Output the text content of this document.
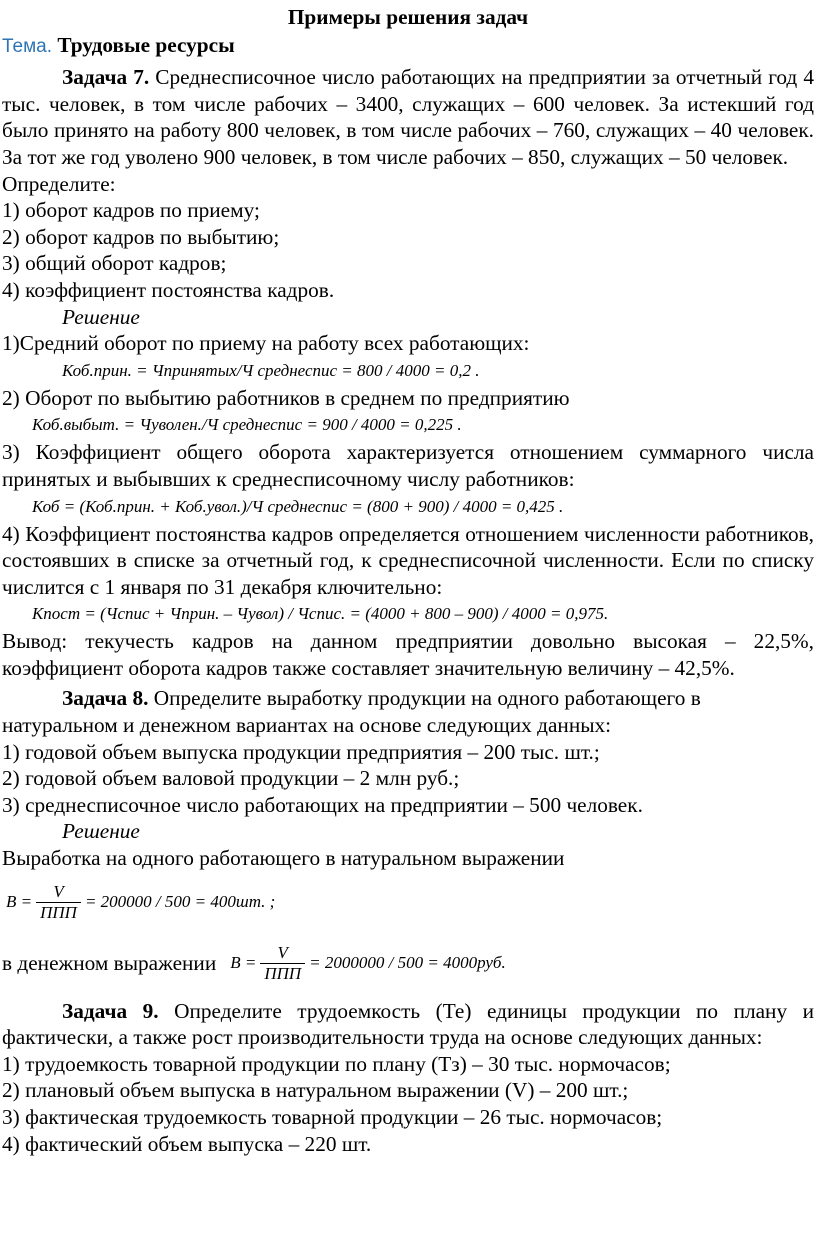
Примеры решения задач

Тема. Трудовые ресурсы

Задача 7. Среднесписочное число работающих на предприятии за отчетный год 4 тыс. человек, в том числе рабочих – 3400, служащих – 600 человек. За истекший год было принято на работу 800 человек, в том числе рабочих – 760, служащих – 40 человек. За тот же год уволено 900 человек, в том числе рабочих – 850, служащих – 50 человек.

Определите:

1) оборот кадров по приему;

2) оборот кадров по выбытию;

3) общий оборот кадров;

4) коэффициент постоянства кадров.

Решение

1)Средний оборот по приему на работу всех работающих:

Коб.прин. = Чпринятых/Ч среднеспис = 800 / 4000 = 0,2 .

2) Оборот по выбытию работников в среднем по предприятию

Коб.выбыт. = Чуволен./Ч среднеспис = 900 / 4000 = 0,225 .

3) Коэффициент общего оборота характеризуется отношением суммарного числа принятых и выбывших к среднесписочному числу работников:

Коб = (Коб.прин. + Коб.увол.)/Ч среднеспис = (800 + 900) / 4000 = 0,425 .

4) Коэффициент постоянства кадров определяется отношением численности работников, состоявших в списке за отчетный год, к среднесписочной численности. Если по списку числится с 1 января по 31 декабря ключительно:

Кпост = (Чспис + Чприн. – Чувол) / Чспис. = (4000 + 800 – 900) / 4000 = 0,975.

Вывод: текучесть кадров на данном предприятии довольно высокая – 22,5%, коэффициент оборота кадров также составляет значительную величину – 42,5%.

Задача 8. Определите выработку продукции на одного работающего в натуральном и денежном вариантах на основе следующих данных:

1) годовой объем выпуска продукции предприятия – 200 тыс. шт.;

2) годовой объем валовой продукции – 2 млн руб.;

3) среднесписочное число работающих на предприятии – 500 человек.

Решение

Выработка на одного работающего в натуральном выражении

$В = \frac{V}{\text{ППП}} = 200000 / 500 = 400шт$. ;
в денежном выражении $В = \frac{V}{\text{ППП}} = 2000000 / 500 = 4000руб$.

Задача 9. Определите трудоемкость (Те) единицы продукции по плану и фактически, а также рост производительности труда на основе следующих данных:

1) трудоемкость товарной продукции по плану (Тз) – 30 тыс. нормочасов;

2) плановый объем выпуска в натуральном выражении (V) – 200 шт.;

3) фактическая трудоемкость товарной продукции – 26 тыс. нормочасов;

4) фактический объем выпуска – 220 шт.
